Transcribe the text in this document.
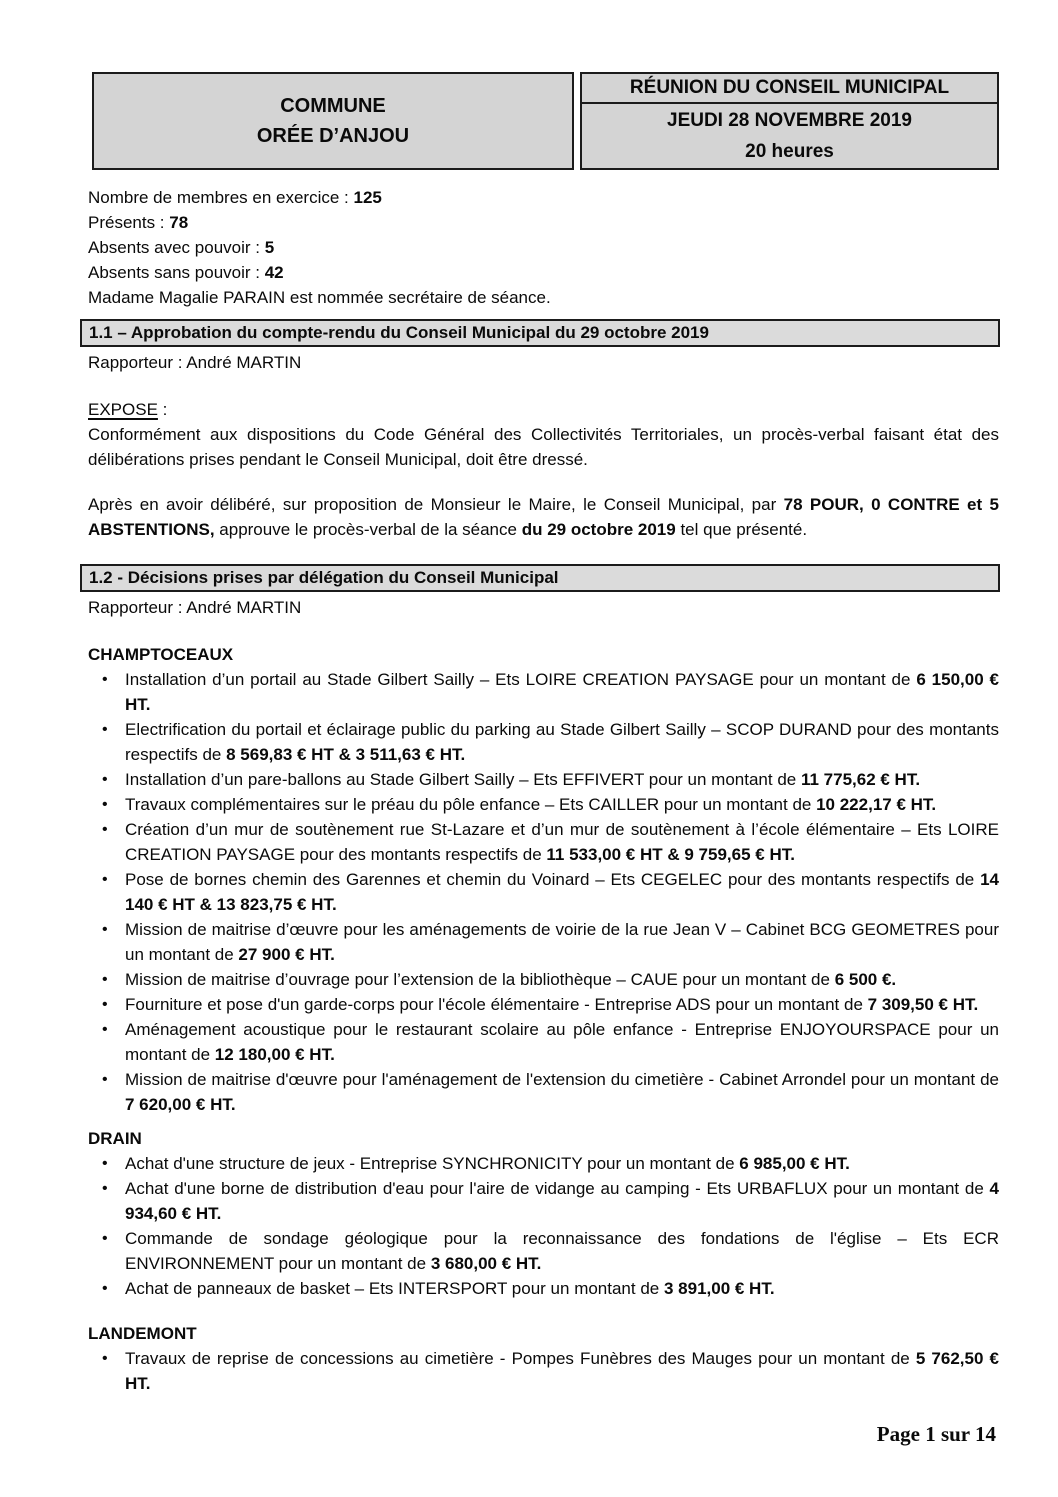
COMMUNE
ORÉE D’ANJOU
RÉUNION DU CONSEIL MUNICIPAL
JEUDI 28 NOVEMBRE 2019
20 heures
Nombre de membres en exercice : 125
Présents : 78
Absents avec pouvoir : 5
Absents sans pouvoir : 42
Madame Magalie PARAIN est nommée secrétaire de séance.
1.1 – Approbation du compte-rendu du Conseil Municipal du 29 octobre 2019
Rapporteur : André MARTIN
EXPOSE :

Conformément aux dispositions du Code Général des Collectivités Territoriales, un procès-verbal faisant état des délibérations prises pendant le Conseil Municipal, doit être dressé.

Après en avoir délibéré, sur proposition de Monsieur le Maire, le Conseil Municipal, par 78 POUR, 0 CONTRE et 5 ABSTENTIONS, approuve le procès-verbal de la séance du 29 octobre 2019 tel que présenté.

1.2 - Décisions prises par délégation du Conseil Municipal
Rapporteur : André MARTIN
CHAMPTOCEAUX
• Installation d’un portail au Stade Gilbert Sailly – Ets LOIRE CREATION PAYSAGE pour un montant de 6 150,00 € HT.
• Electrification du portail et éclairage public du parking au Stade Gilbert Sailly – SCOP DURAND pour des montants respectifs de 8 569,83 € HT & 3 511,63 € HT.
• Installation d’un pare-ballons au Stade Gilbert Sailly – Ets EFFIVERT pour un montant de 11 775,62 € HT.
• Travaux complémentaires sur le préau du pôle enfance – Ets CAILLER pour un montant de 10 222,17 € HT.
• Création d’un mur de soutènement rue St-Lazare et d’un mur de soutènement à l’école élémentaire – Ets LOIRE CREATION PAYSAGE pour des montants respectifs de 11 533,00 € HT & 9 759,65 € HT.
• Pose de bornes chemin des Garennes et chemin du Voinard – Ets CEGELEC pour des montants respectifs de 14 140 € HT & 13 823,75 € HT.
• Mission de maitrise d’œuvre pour les aménagements de voirie de la rue Jean V – Cabinet BCG GEOMETRES pour un montant de 27 900 € HT.
• Mission de maitrise d’ouvrage pour l’extension de la bibliothèque – CAUE pour un montant de 6 500 €.
• Fourniture et pose d'un garde-corps pour l'école élémentaire - Entreprise ADS pour un montant de 7 309,50 € HT.
• Aménagement acoustique pour le restaurant scolaire au pôle enfance - Entreprise ENJOYOURSPACE pour un montant de 12 180,00 € HT.
• Mission de maitrise d'œuvre pour l'aménagement de l'extension du cimetière - Cabinet Arrondel pour un montant de 7 620,00 € HT.
DRAIN
• Achat d'une structure de jeux - Entreprise SYNCHRONICITY pour un montant de 6 985,00 € HT.
• Achat d'une borne de distribution d'eau pour l'aire de vidange au camping - Ets URBAFLUX pour un montant de 4 934,60 € HT.
• Commande de sondage géologique pour la reconnaissance des fondations de l'église – Ets ECR ENVIRONNEMENT pour un montant de 3 680,00 € HT.
• Achat de panneaux de basket – Ets INTERSPORT pour un montant de 3 891,00 € HT.
LANDEMONT
• Travaux de reprise de concessions au cimetière - Pompes Funèbres des Mauges pour un montant de 5 762,50 € HT.
Page 1 sur 14
